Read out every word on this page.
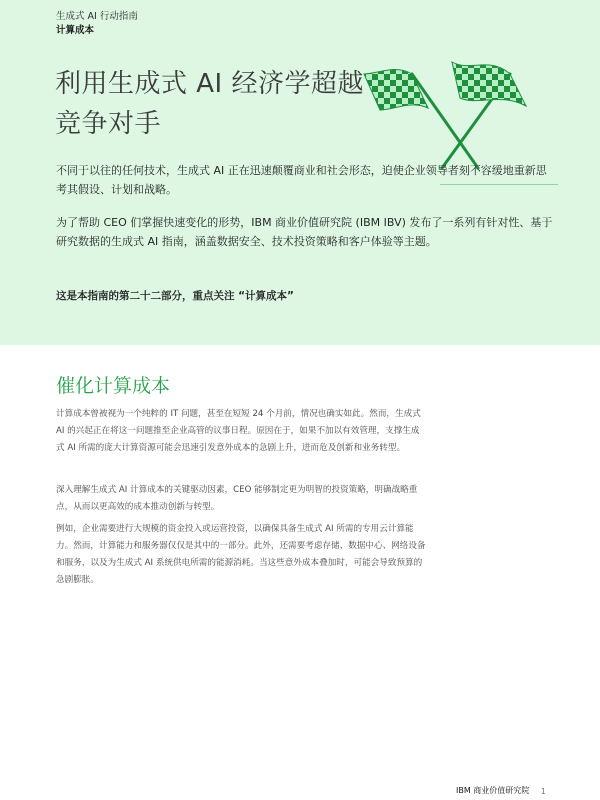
生成式 AI 行动指南
计算成本
利用生成式 AI 经济学超越竞争对手

不同于以往的任何技术，生成式 AI 正在迅速颠覆商业和社会形态，迫使企业领导者刻不容缓地重新思考其假设、计划和战略。

为了帮助 CEO 们掌握快速变化的形势，IBM 商业价值研究院 (IBM IBV) 发布了一系列有针对性、基于研究数据的生成式 AI 指南，涵盖数据安全、技术投资策略和客户体验等主题。

这是本指南的第二十二部分，重点关注 “计算成本”

催化计算成本

计算成本曾被视为一个纯粹的 IT 问题，甚至在短短 24 个月前，情况也确实如此。然而，生成式 AI 的兴起正在将这一问题推至企业高管的议事日程。原因在于，如果不加以有效管理，支撑生成式 AI 所需的庞大计算资源可能会迅速引发意外成本的急剧上升，进而危及创新和业务转型。

深入理解生成式 AI 计算成本的关键驱动因素，CEO 能够制定更为明智的投资策略，明确战略重点，从而以更高效的成本推动创新与转型。

例如，企业需要进行大规模的资金投入或运营投资，以确保具备生成式 AI 所需的专用云计算能力。然而，计算能力和服务器仅仅是其中的一部分。此外，还需要考虑存储、数据中心、网络设备和服务，以及为生成式 AI 系统供电所需的能源消耗。当这些意外成本叠加时，可能会导致预算的急剧膨胀。

IBM 商业价值研究院 1
